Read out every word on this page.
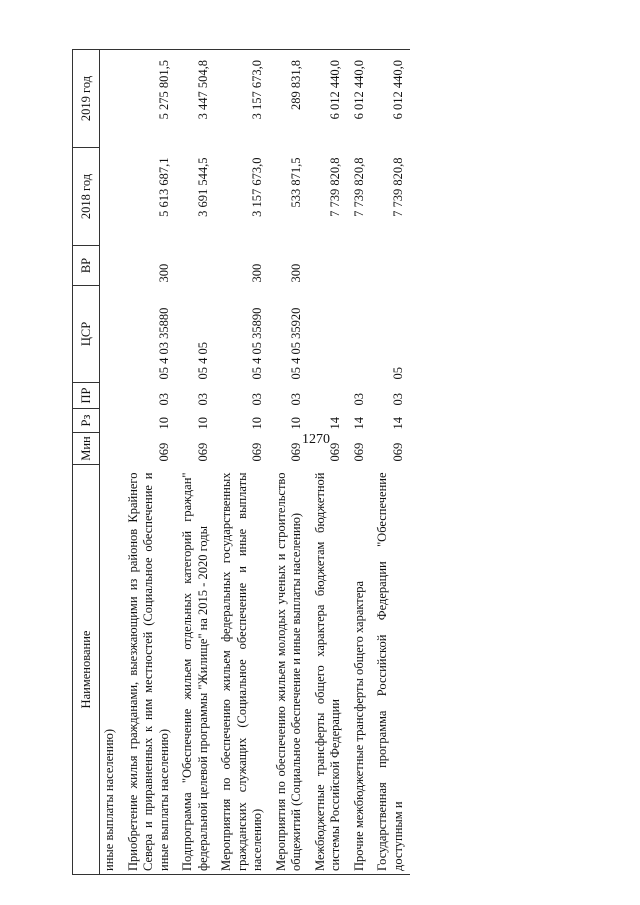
1270
Наименование	Мин	Рз	ПР	ЦСР	ВР	2018 год	2019 год
иные выплаты населению)							
Приобретение жилья гражданами, выезжающими из районов Крайнего Севера и приравненных к ним местностей (Социальное обеспечение и иные выплаты населению)	069	10	03	05 4 03 35880	300	5 613 687,1	5 275 801,5
Подпрограмма "Обеспечение жильем отдельных категорий граждан" федеральной целевой программы "Жилище" на 2015 - 2020 годы	069	10	03	05 4 05		3 691 544,5	3 447 504,8
Мероприятия по обеспечению жильем федеральных государственных гражданских служащих (Социальное обеспечение и иные выплаты населению)	069	10	03	05 4 05 35890	300	3 157 673,0	3 157 673,0
Мероприятия по обеспечению жильем молодых ученых и строительство общежитий (Социальное обеспечение и иные выплаты населению)	069	10	03	05 4 05 35920	300	533 871,5	289 831,8
Межбюджетные трансферты общего характера бюджетам бюджетной системы Российской Федерации	069	14				7 739 820,8	6 012 440,0
Прочие межбюджетные трансферты общего характера	069	14	03			7 739 820,8	6 012 440,0
Государственная программа Российской Федерации "Обеспечение доступным и	069	14	03	05		7 739 820,8	6 012 440,0
